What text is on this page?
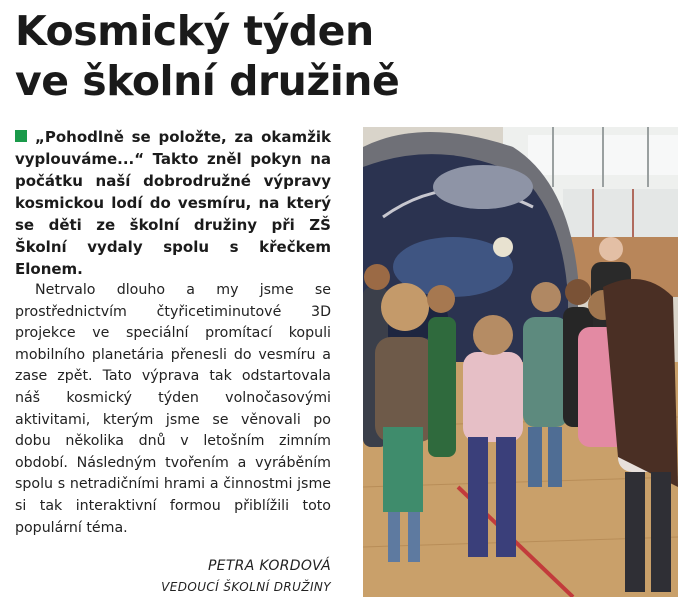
Kosmický týden
ve školní družině

„Pohodlně se položte, za okamžik vyplouváme...“ Takto zněl pokyn na počátku naší dobrodružné výpravy kosmickou lodí do vesmíru, na který se děti ze školní družiny při ZŠ Školní vydaly spolu s křečkem Elonem.

Netrvalo dlouho a my jsme se prostřednictvím čtyřicetiminutové 3D projekce ve speciální promítací kopuli mobilního planetária přenesli do vesmíru a zase zpět. Tato výprava tak odstartovala náš kosmický týden volnočasovými aktivitami, kterým jsme se věnovali po dobu několika dnů v letošním zimním období. Následným tvořením a vyráběním spolu s netradičními hrami a činnostmi jsme si tak interaktivní formou přiblížili toto populární téma.

PETRA KORDOVÁ
VEDOUCÍ ŠKOLNÍ DRUŽINY
